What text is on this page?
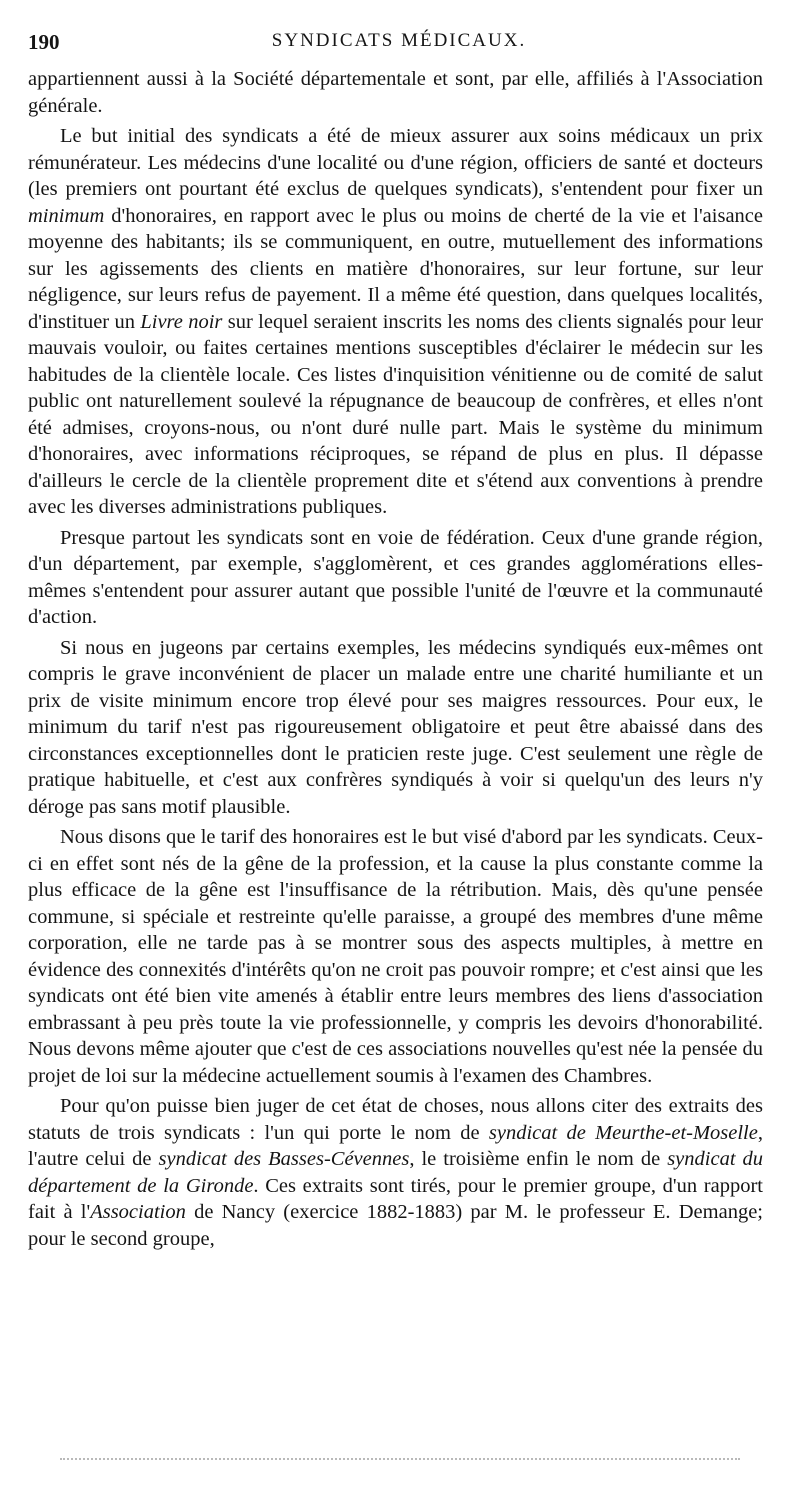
190	SYNDICATS MÉDICAUX.

appartiennent aussi à la Société départementale et sont, par elle, affiliés à l'Association générale.

Le but initial des syndicats a été de mieux assurer aux soins médicaux un prix rémunérateur. Les médecins d'une localité ou d'une région, officiers de santé et docteurs (les premiers ont pourtant été exclus de quelques syndicats), s'entendent pour fixer un minimum d'honoraires, en rapport avec le plus ou moins de cherté de la vie et l'aisance moyenne des habitants; ils se communiquent, en outre, mutuellement des informations sur les agissements des clients en matière d'honoraires, sur leur fortune, sur leur négligence, sur leurs refus de payement. Il a même été question, dans quelques localités, d'instituer un Livre noir sur lequel seraient inscrits les noms des clients signalés pour leur mauvais vouloir, ou faites certaines mentions susceptibles d'éclairer le médecin sur les habitudes de la clientèle locale. Ces listes d'inquisition vénitienne ou de comité de salut public ont naturellement soulevé la répugnance de beaucoup de confrères, et elles n'ont été admises, croyons-nous, ou n'ont duré nulle part. Mais le système du minimum d'honoraires, avec informations réciproques, se répand de plus en plus. Il dépasse d'ailleurs le cercle de la clientèle proprement dite et s'étend aux conventions à prendre avec les diverses administrations publiques.

Presque partout les syndicats sont en voie de fédération. Ceux d'une grande région, d'un département, par exemple, s'agglomèrent, et ces grandes agglomérations elles-mêmes s'entendent pour assurer autant que possible l'unité de l'œuvre et la communauté d'action.

Si nous en jugeons par certains exemples, les médecins syndiqués eux-mêmes ont compris le grave inconvénient de placer un malade entre une charité humiliante et un prix de visite minimum encore trop élevé pour ses maigres ressources. Pour eux, le minimum du tarif n'est pas rigoureusement obligatoire et peut être abaissé dans des circonstances exceptionnelles dont le praticien reste juge. C'est seulement une règle de pratique habituelle, et c'est aux confrères syndiqués à voir si quelqu'un des leurs n'y déroge pas sans motif plausible.

Nous disons que le tarif des honoraires est le but visé d'abord par les syndicats. Ceux-ci en effet sont nés de la gêne de la profession, et la cause la plus constante comme la plus efficace de la gêne est l'insuffisance de la rétribution. Mais, dès qu'une pensée commune, si spéciale et restreinte qu'elle paraisse, a groupé des membres d'une même corporation, elle ne tarde pas à se montrer sous des aspects multiples, à mettre en évidence des connexités d'intérêts qu'on ne croit pas pouvoir rompre; et c'est ainsi que les syndicats ont été bien vite amenés à établir entre leurs membres des liens d'association embrassant à peu près toute la vie professionnelle, y compris les devoirs d'honorabilité. Nous devons même ajouter que c'est de ces associations nouvelles qu'est née la pensée du projet de loi sur la médecine actuellement soumis à l'examen des Chambres.

Pour qu'on puisse bien juger de cet état de choses, nous allons citer des extraits des statuts de trois syndicats : l'un qui porte le nom de syndicat de Meurthe-et-Moselle, l'autre celui de syndicat des Basses-Cévennes, le troisième enfin le nom de syndicat du département de la Gironde. Ces extraits sont tirés, pour le premier groupe, d'un rapport fait à l'Association de Nancy (exercice 1882-1883) par M. le professeur E. Demange; pour le second groupe,
